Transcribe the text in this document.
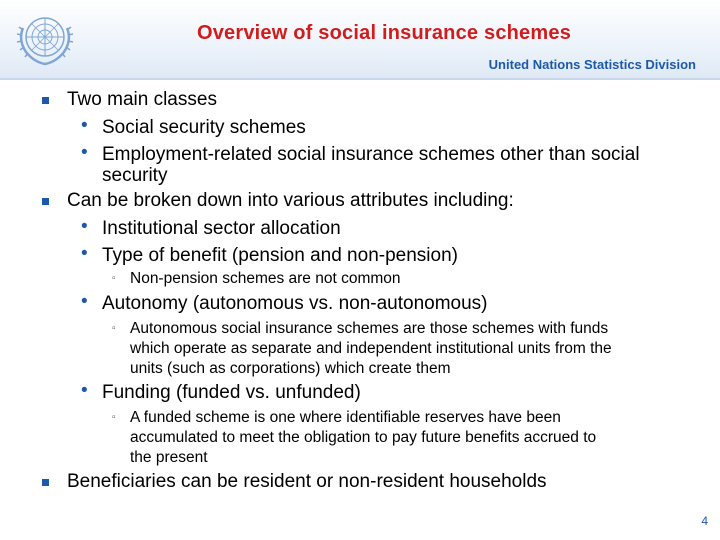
Overview of social insurance schemes
United Nations Statistics Division
Two main classes
• Social security schemes
• Employment-related social insurance schemes other than social
security
Can be broken down into various attributes including:
• Institutional sector allocation
• Type of benefit (pension and non-pension)
▫ Non-pension schemes are not common
• Autonomy (autonomous vs. non-autonomous)
▫ Autonomous social insurance schemes are those schemes with funds
which operate as separate and independent institutional units from the
units (such as corporations) which create them
• Funding (funded vs. unfunded)
▫ A funded scheme is one where identifiable reserves have been
accumulated to meet the obligation to pay future benefits accrued to
the present
Beneficiaries can be resident or non-resident households
4
